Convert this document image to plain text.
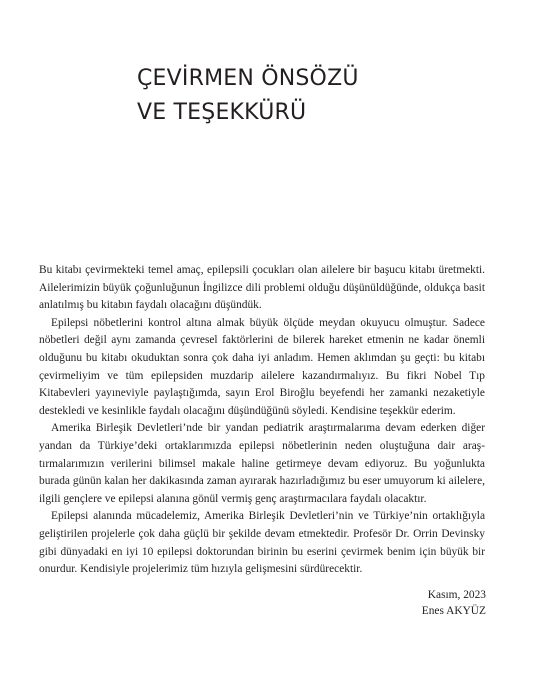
ÇEVİRMEN ÖNSÖZÜ
VE TEŞEKKÜRÜ

Bu kitabı çevirmekteki temel amaç, epilepsili çocukları olan ailelere bir başucu kitabı üretmekti. Ailelerimizin büyük çoğunluğunun İngilizce dili problemi olduğu düşünüldüğünde, oldukça basit anlatılmış bu kitabın faydalı olacağını düşündük.

Epilepsi nöbetlerini kontrol altına almak büyük ölçüde meydan okuyucu olmuştur. Sadece nöbetleri değil aynı zamanda çevresel faktörlerini de bilerek hareket etmenin ne kadar önemli olduğunu bu kitabı okuduktan sonra çok daha iyi anladım. Hemen aklımdan şu geçti: bu kitabı çevirmeliyim ve tüm epilepsiden muzdarip ailelere kazandırmalıyız. Bu fikri Nobel Tıp Kitabevleri yayıneviyle paylaştığımda, sayın Erol Biroğlu beyefendi her zamanki nezaketiyle destekledi ve kesinlikle faydalı olacağını düşündüğünü söyledi. Kendisine teşekkür ederim.

Amerika Birleşik Devletleri’nde bir yandan pediatrik araştırmalarıma devam ederken diğer yandan da Türkiye’deki ortaklarımızda epilepsi nöbetlerinin neden oluştuğuna dair araştırmalarımızın verilerini bilimsel makale haline getirmeye devam ediyoruz. Bu yoğunlukta burada günün kalan her dakikasında zaman ayırarak hazırladığımız bu eser umuyorum ki ailelere, ilgili gençlere ve epilepsi alanına gönül vermiş genç araştırmacılara faydalı olacaktır.

Epilepsi alanında mücadelemiz, Amerika Birleşik Devletleri’nin ve Türkiye’nin ortaklığıyla geliştirilen projelerle çok daha güçlü bir şekilde devam etmektedir. Profesör Dr. Orrin Devinsky gibi dünyadaki en iyi 10 epilepsi doktorundan birinin bu eserini çevirmek benim için büyük bir onurdur. Kendisiyle projelerimiz tüm hızıyla gelişmesini sürdürecektir.

Kasım, 2023
Enes AKYÜZ
